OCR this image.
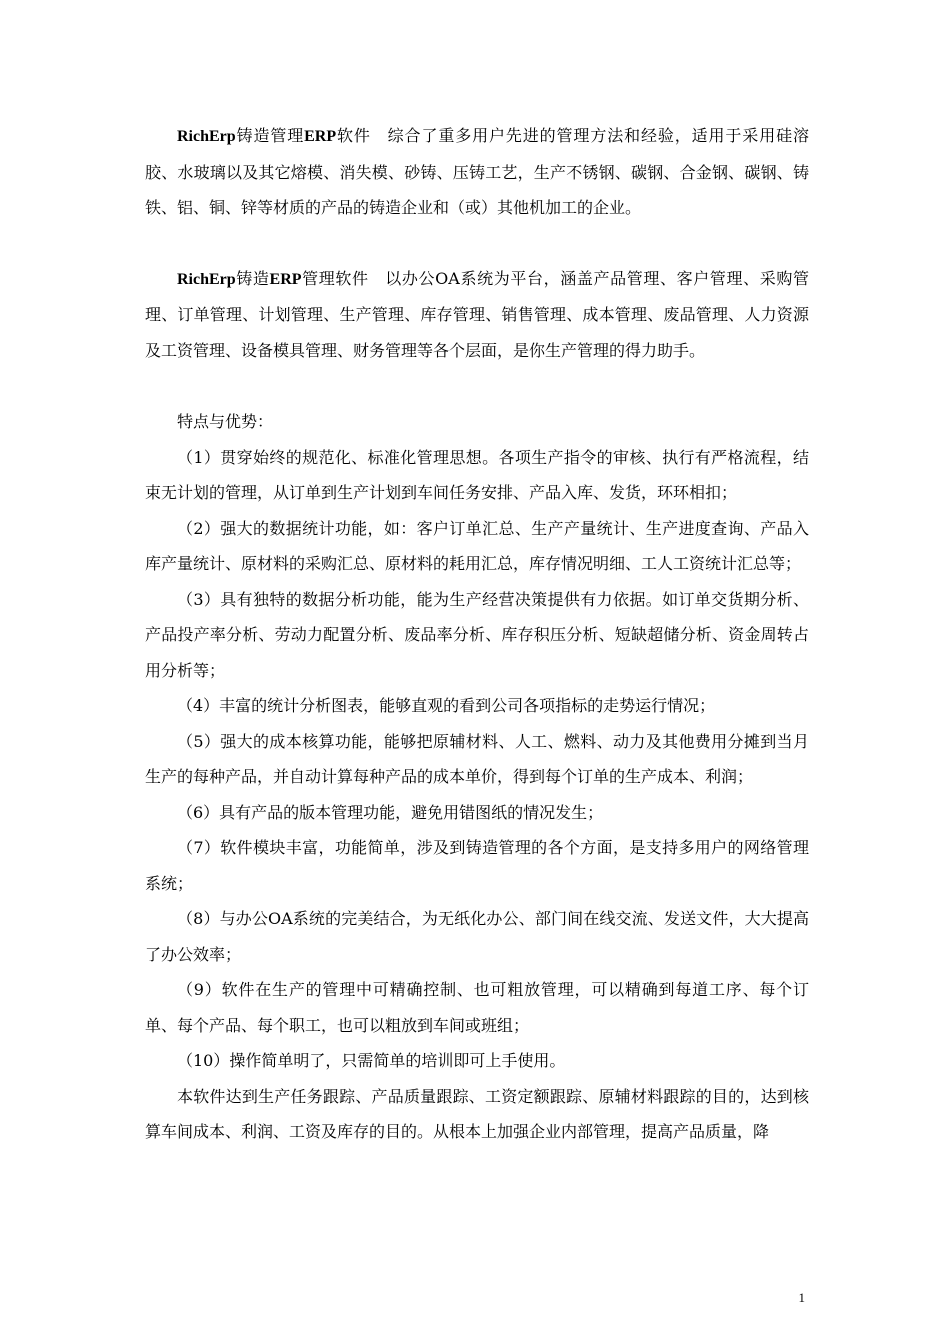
RichErp铸造管理ERP软件  综合了重多用户先进的管理方法和经验，适用于采用硅溶胶、水玻璃以及其它熔模、消失模、砂铸、压铸工艺，生产不锈钢、碳钢、合金钢、碳钢、铸铁、铝、铜、锌等材质的产品的铸造企业和（或）其他机加工的企业。

RichErp铸造ERP管理软件  以办公OA系统为平台，涵盖产品管理、客户管理、采购管理、订单管理、计划管理、生产管理、库存管理、销售管理、成本管理、废品管理、人力资源及工资管理、设备模具管理、财务管理等各个层面，是你生产管理的得力助手。

特点与优势：

（1）贯穿始终的规范化、标准化管理思想。各项生产指令的审核、执行有严格流程，结束无计划的管理，从订单到生产计划到车间任务安排、产品入库、发货，环环相扣；

（2）强大的数据统计功能，如：客户订单汇总、生产产量统计、生产进度查询、产品入库产量统计、原材料的采购汇总、原材料的耗用汇总，库存情况明细、工人工资统计汇总等；

（3）具有独特的数据分析功能，能为生产经营决策提供有力依据。如订单交货期分析、产品投产率分析、劳动力配置分析、废品率分析、库存积压分析、短缺超储分析、资金周转占用分析等；

（4）丰富的统计分析图表，能够直观的看到公司各项指标的走势运行情况；

（5）强大的成本核算功能，能够把原辅材料、人工、燃料、动力及其他费用分摊到当月生产的每种产品，并自动计算每种产品的成本单价，得到每个订单的生产成本、利润；

（6）具有产品的版本管理功能，避免用错图纸的情况发生；

（7）软件模块丰富，功能简单，涉及到铸造管理的各个方面，是支持多用户的网络管理系统；

（8）与办公OA系统的完美结合，为无纸化办公、部门间在线交流、发送文件，大大提高了办公效率；

（9）软件在生产的管理中可精确控制、也可粗放管理，可以精确到每道工序、每个订单、每个产品、每个职工，也可以粗放到车间或班组；

（10）操作简单明了，只需简单的培训即可上手使用。

本软件达到生产任务跟踪、产品质量跟踪、工资定额跟踪、原辅材料跟踪的目的，达到核算车间成本、利润、工资及库存的目的。从根本上加强企业内部管理，提高产品质量，降

1
